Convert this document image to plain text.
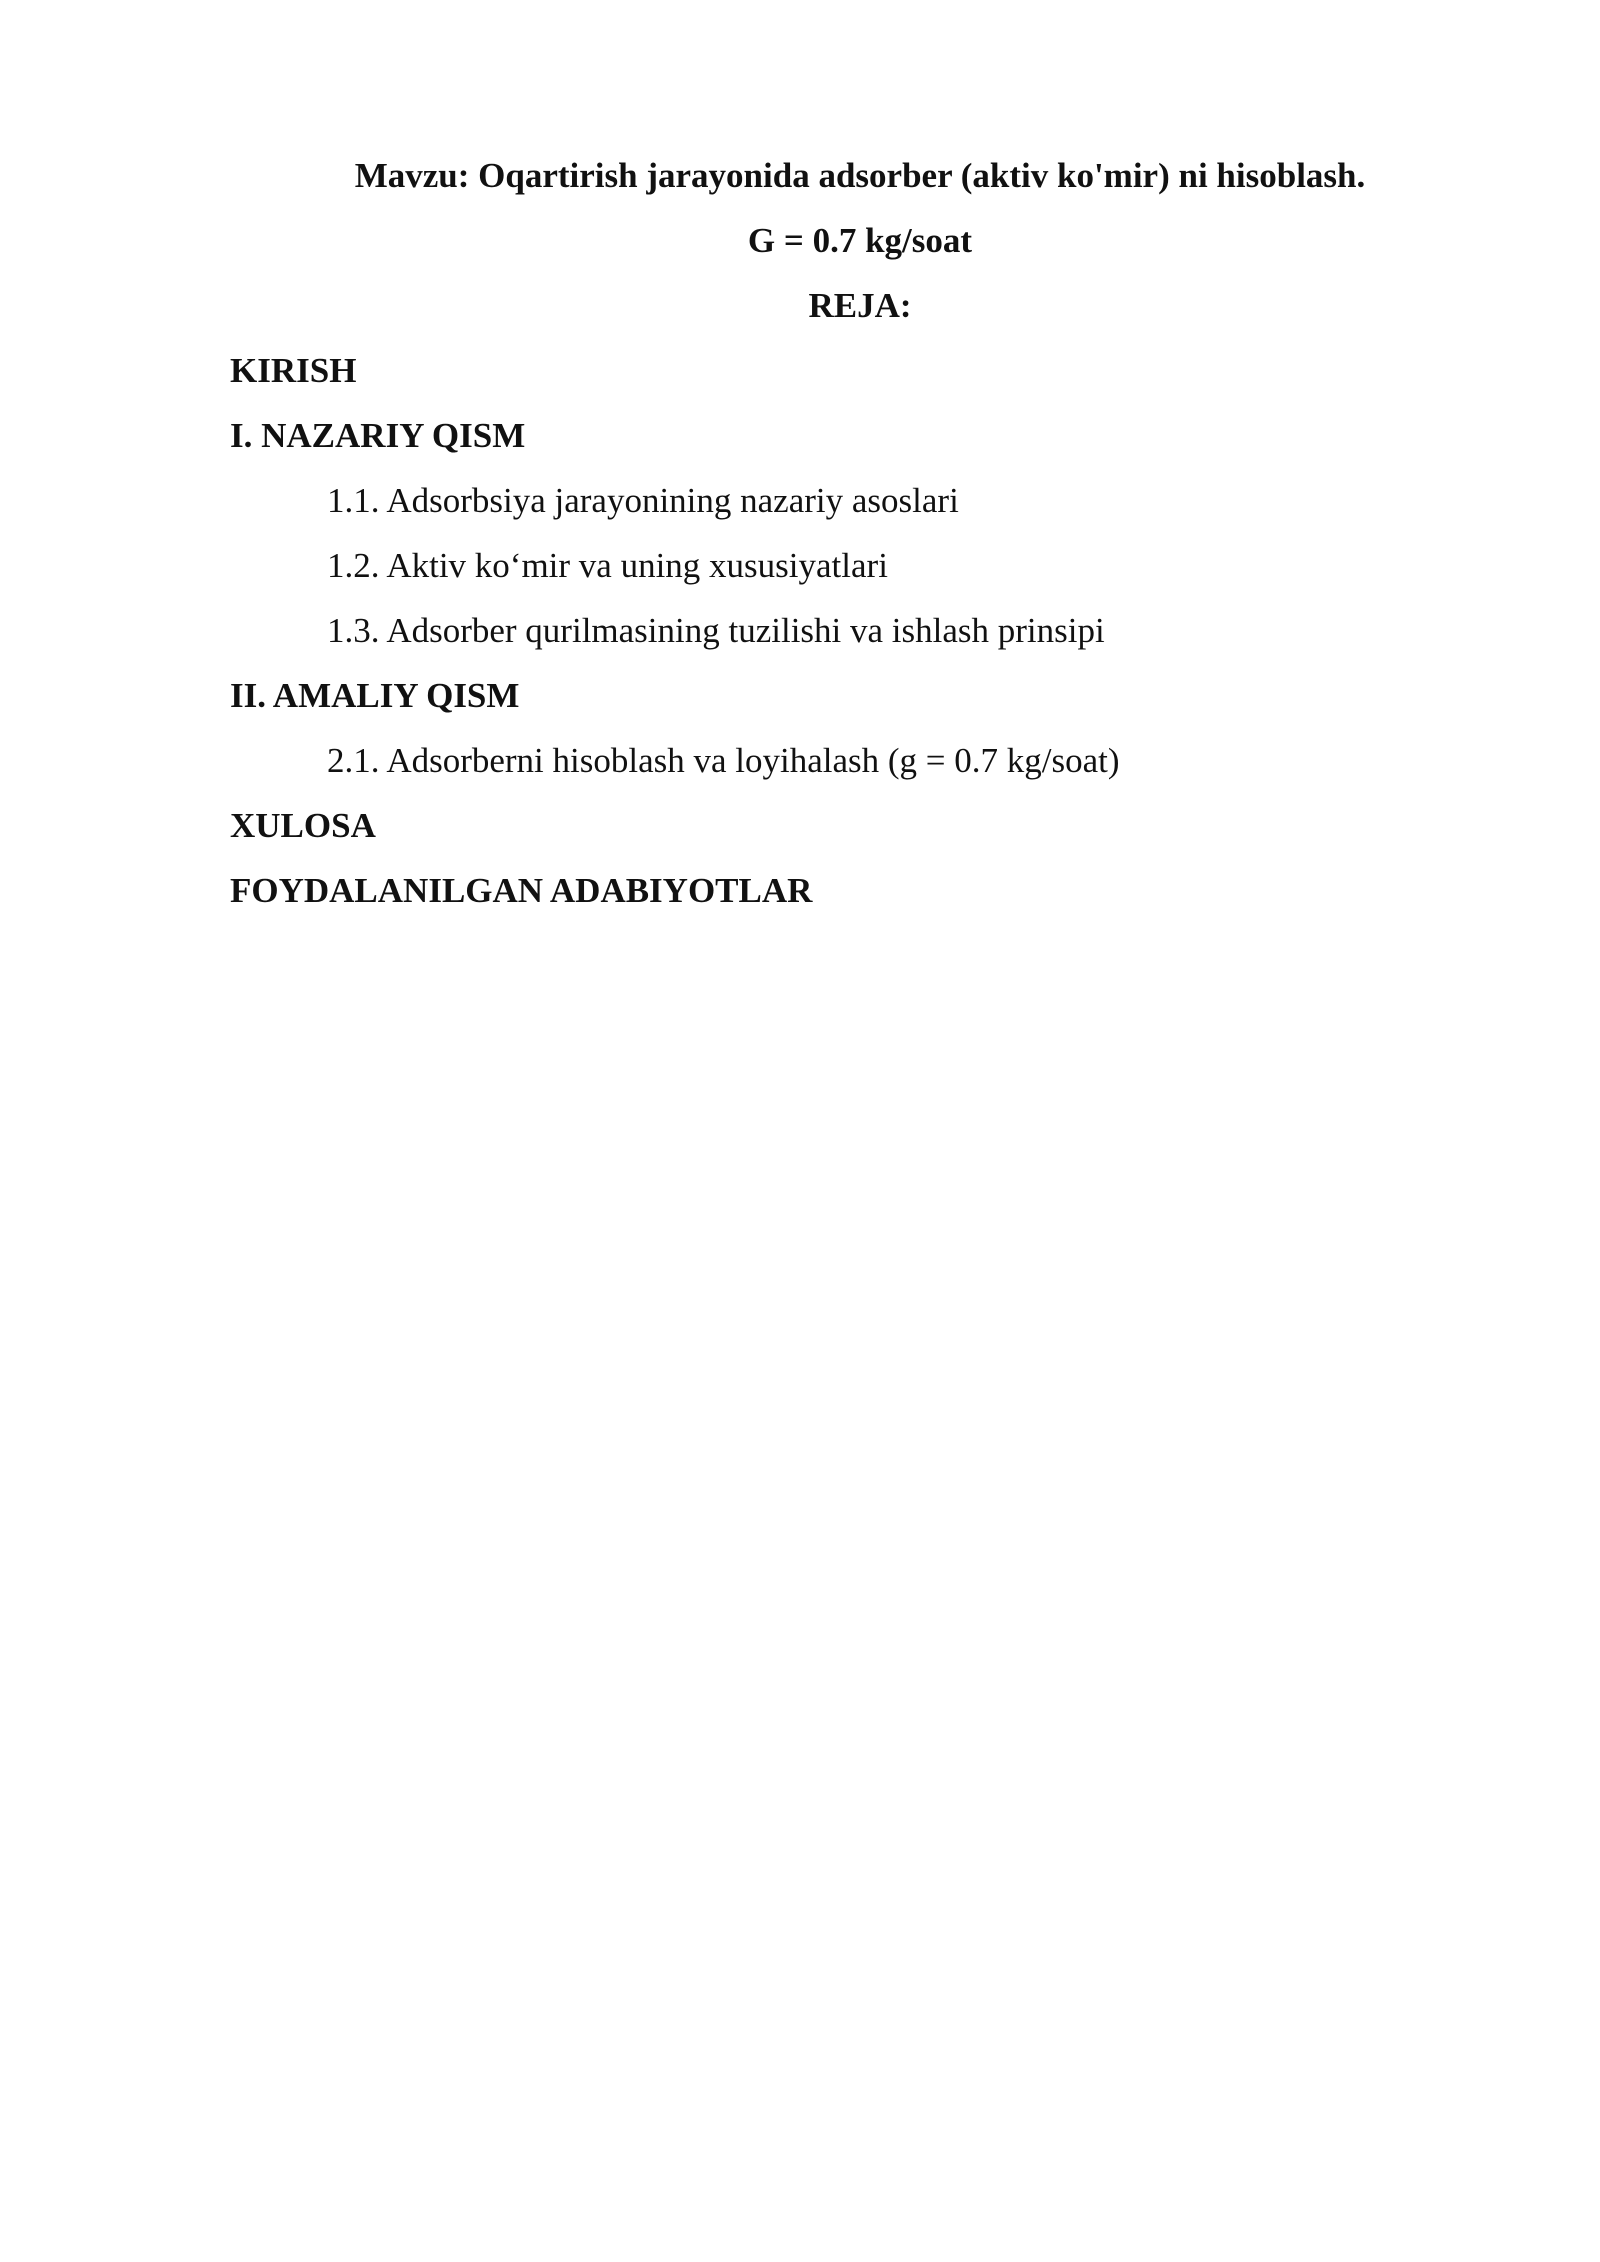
Mavzu: Oqartirish jarayonida adsorber (aktiv ko'mir) ni hisoblash.
G = 0.7 kg/soat
REJA:
KIRISH
I. NAZARIY QISM
1.1. Adsorbsiya jarayonining nazariy asoslari
1.2. Aktiv ko‘mir va uning xususiyatlari
1.3. Adsorber qurilmasining tuzilishi va ishlash prinsipi
II. AMALIY QISM
2.1. Adsorberni hisoblash va loyihalash (g = 0.7 kg/soat)
XULOSA
FOYDALANILGAN ADABIYOTLAR
